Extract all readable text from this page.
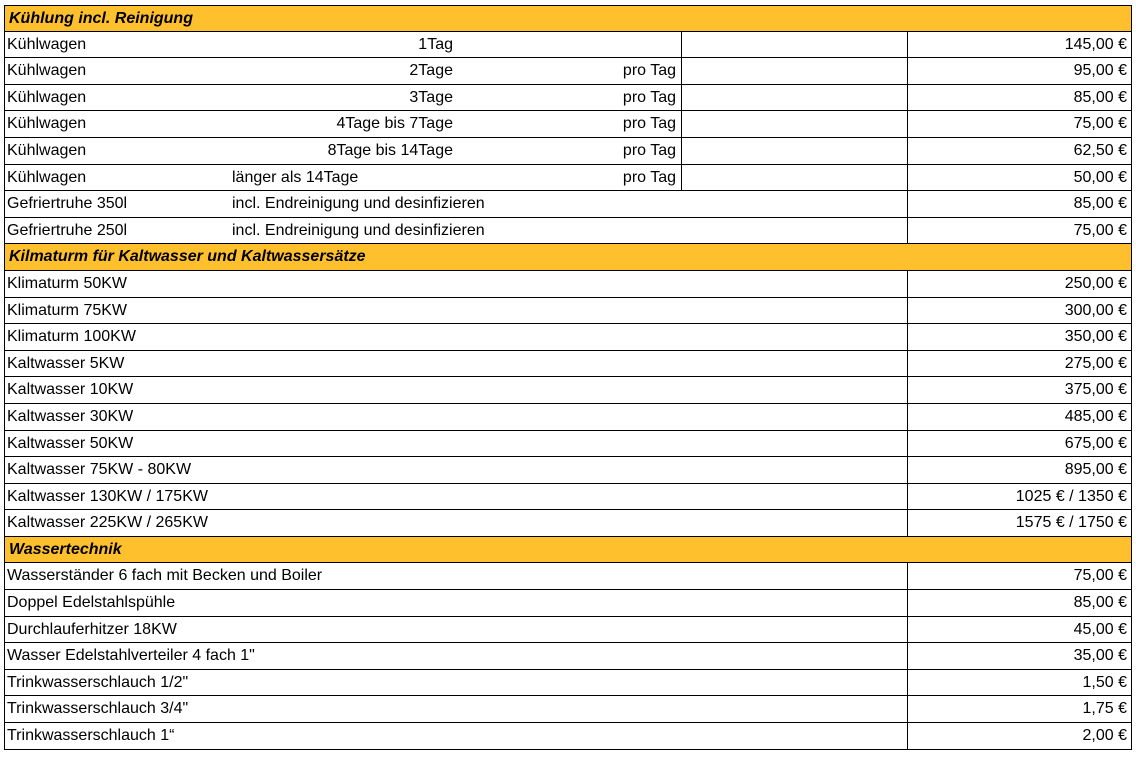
Kühlung incl. Reinigung
Kühlwagen	1Tag	145,00 €
Kühlwagen	2Tage	pro Tag	95,00 €
Kühlwagen	3Tage	pro Tag	85,00 €
Kühlwagen	4Tage bis 7Tage	pro Tag	75,00 €
Kühlwagen	8Tage bis 14Tage	pro Tag	62,50 €
Kühlwagen	länger als 14Tage	pro Tag	50,00 €
Gefriertruhe 350l	incl. Endreinigung und desinfizieren	85,00 €
Gefriertruhe 250l	incl. Endreinigung und desinfizieren	75,00 €
Kilmaturm für Kaltwasser und Kaltwassersätze
Klimaturm 50KW	250,00 €
Klimaturm 75KW	300,00 €
Klimaturm 100KW	350,00 €
Kaltwasser 5KW	275,00 €
Kaltwasser 10KW	375,00 €
Kaltwasser 30KW	485,00 €
Kaltwasser 50KW	675,00 €
Kaltwasser 75KW - 80KW	895,00 €
Kaltwasser 130KW / 175KW	1025 € / 1350 €
Kaltwasser 225KW / 265KW	1575 € / 1750 €
Wassertechnik
Wasserständer 6 fach mit Becken und Boiler	75,00 €
Doppel Edelstahlspühle	85,00 €
Durchlauferhitzer 18KW	45,00 €
Wasser Edelstahlverteiler 4 fach 1"	35,00 €
Trinkwasserschlauch 1/2"	1,50 €
Trinkwasserschlauch 3/4"	1,75 €
Trinkwasserschlauch 1“	2,00 €
